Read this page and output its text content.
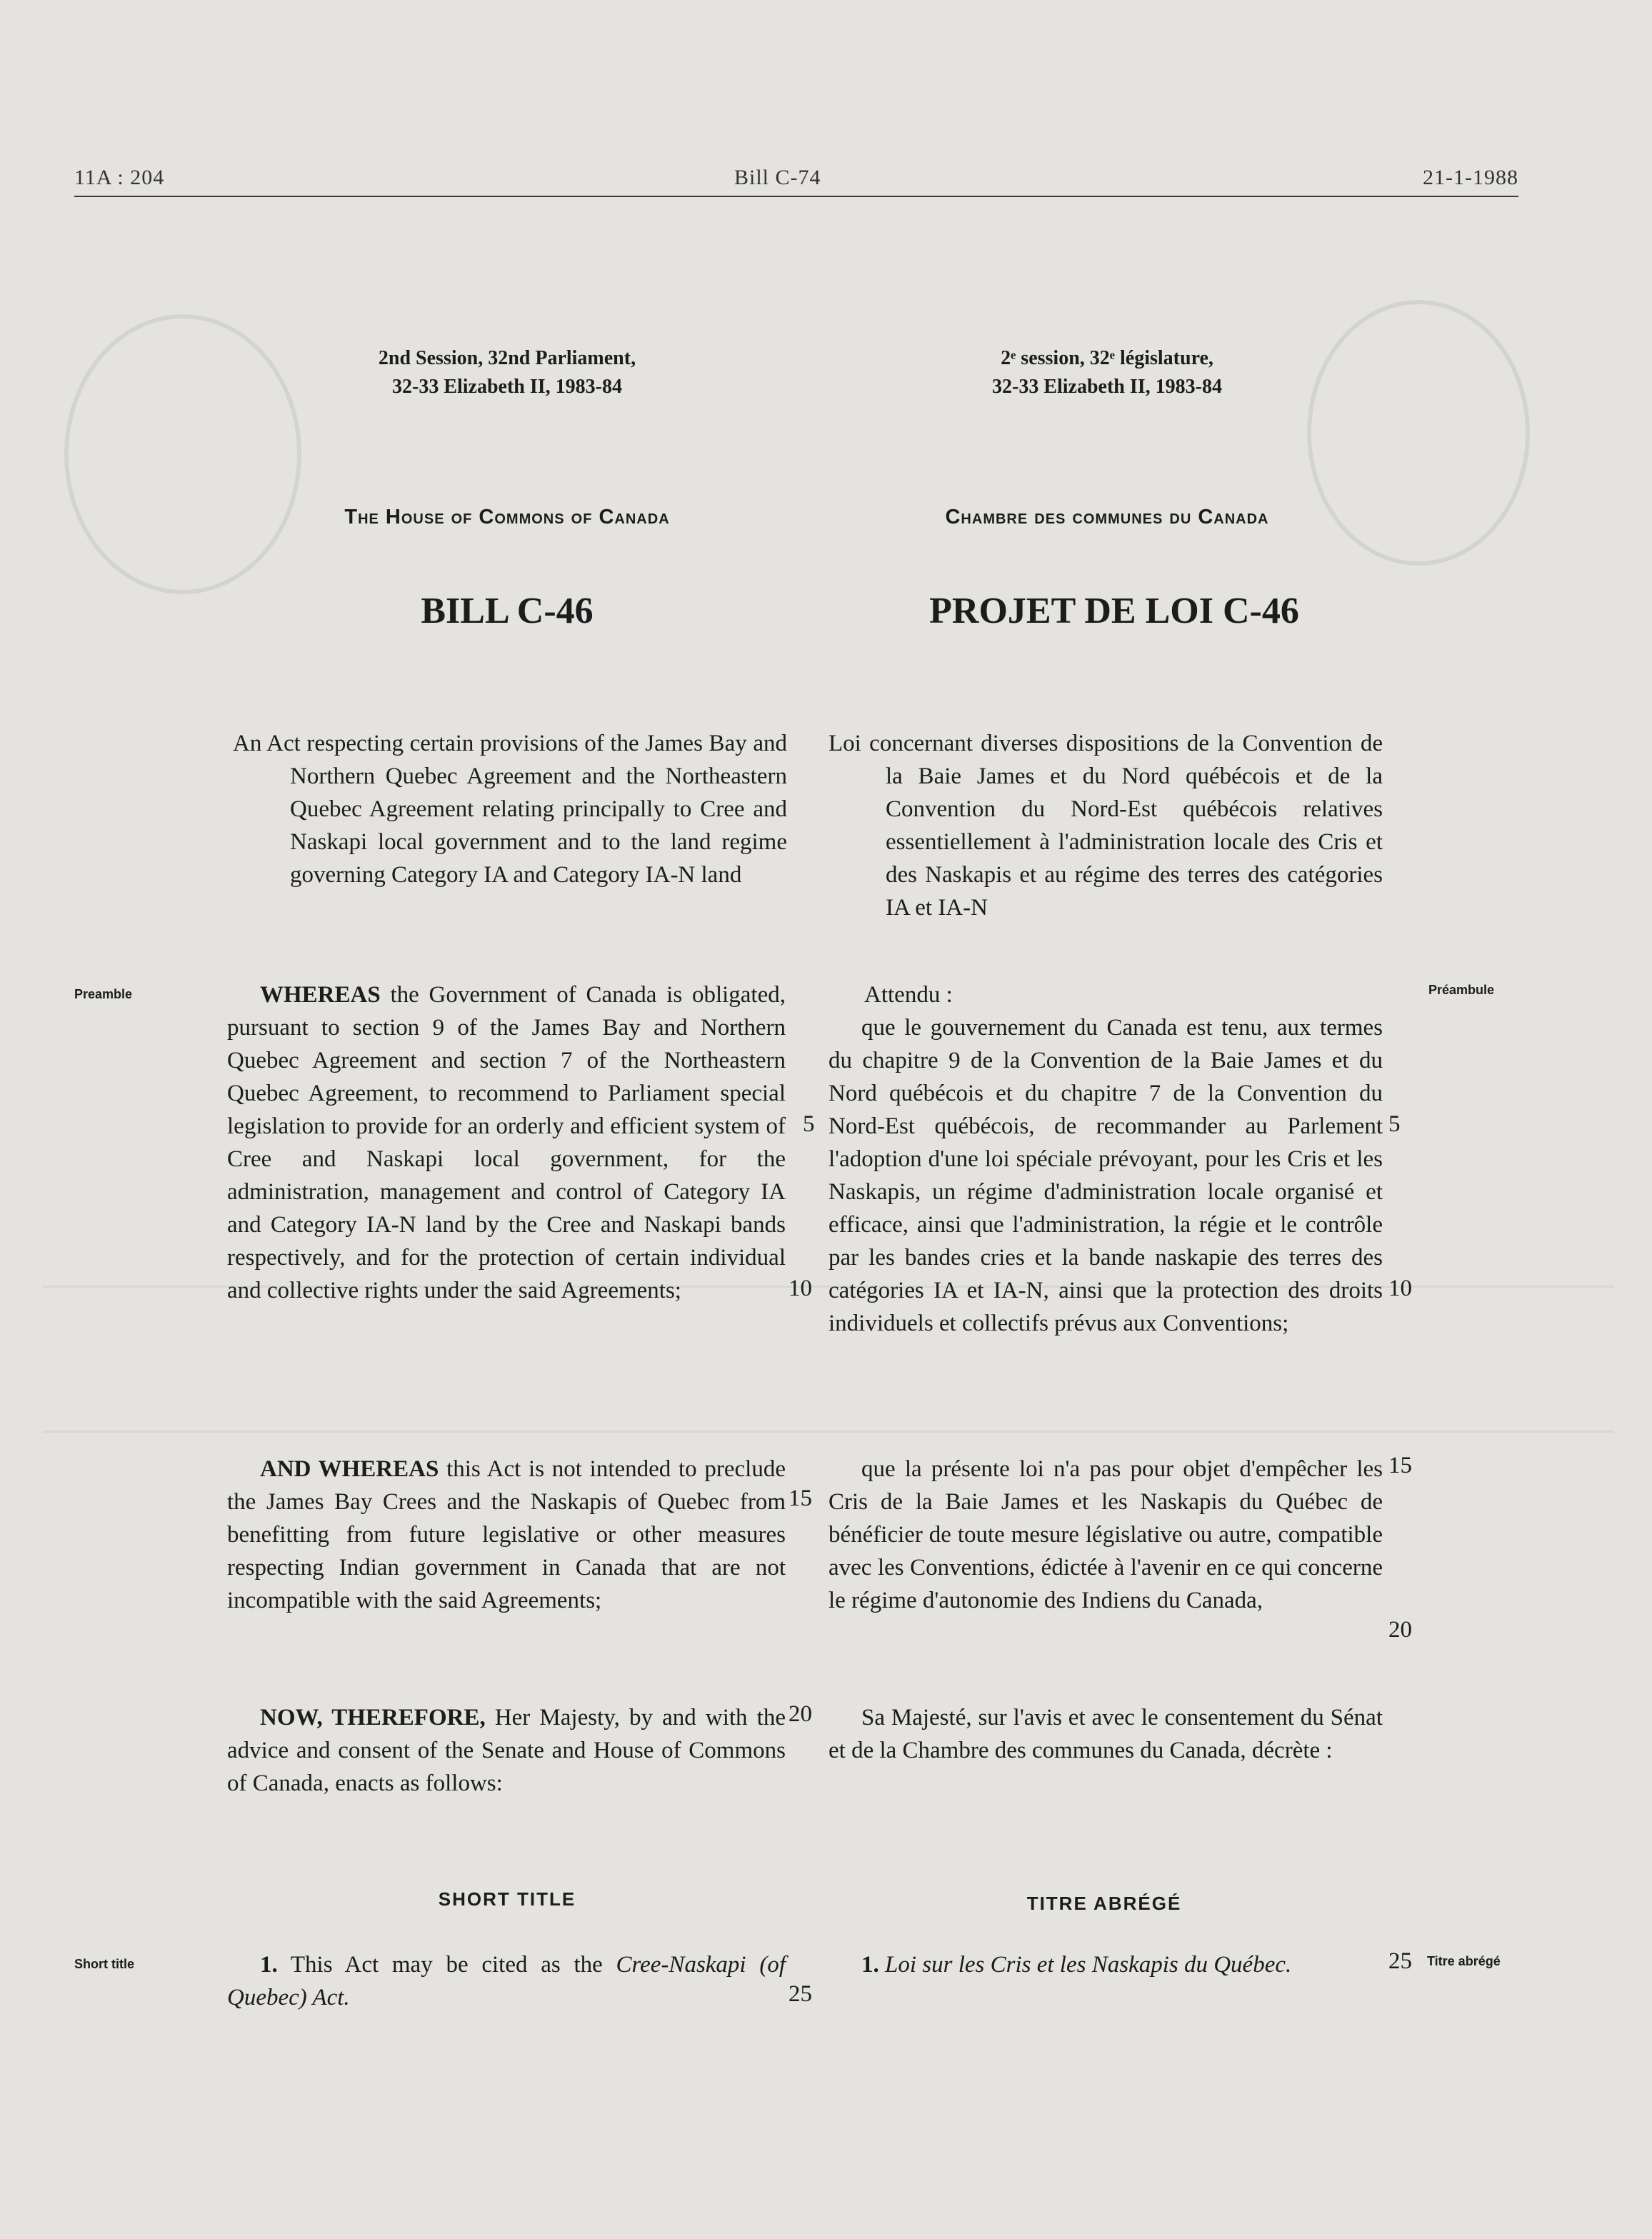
11A : 204	Bill C-74	21-1-1988
2nd Session, 32nd Parliament,
32-33 Elizabeth II, 1983-84
2ᵉ session, 32ᵉ législature,
32-33 Elizabeth II, 1983-84
The House of Commons of Canada	Chambre des communes du Canada
BILL C-46	PROJET DE LOI C-46
An Act respecting certain provisions of the James Bay and Northern Quebec Agreement and the Northeastern Quebec Agreement relating principally to Cree and Naskapi local government and to the land regime governing Category IA and Category IA-N land
Loi concernant diverses dispositions de la Convention de la Baie James et du Nord québécois et de la Convention du Nord-Est québécois relatives essentiellement à l'administration locale des Cris et des Naskapis et au régime des terres des catégories IA et IA-N
Preamble	Préambule

WHEREAS the Government of Canada is obligated, pursuant to section 9 of the James Bay and Northern Quebec Agreement and section 7 of the Northeastern Quebec Agreement, to recommend to Parliament special legislation to provide for an orderly and efficient system of Cree and Naskapi local government, for the administration, management and control of Category IA and Category IA-N land by the Cree and Naskapi bands respectively, and for the protection of certain individual and collective rights under the said Agreements;

AND WHEREAS this Act is not intended to preclude the James Bay Crees and the Naskapis of Quebec from benefitting from future legislative or other measures respecting Indian government in Canada that are not incompatible with the said Agreements;

NOW, THEREFORE, Her Majesty, by and with the advice and consent of the Senate and House of Commons of Canada, enacts as follows:

Attendu :

que le gouvernement du Canada est tenu, aux termes du chapitre 9 de la Convention de la Baie James et du Nord québécois et du chapitre 7 de la Convention du Nord-Est québécois, de recommander au Parlement l'adoption d'une loi spéciale prévoyant, pour les Cris et les Naskapis, un régime d'administration locale organisé et efficace, ainsi que l'administration, la régie et le contrôle par les bandes cries et la bande naskapie des terres des catégories IA et IA-N, ainsi que la protection des droits individuels et collectifs prévus aux Conventions;

que la présente loi n'a pas pour objet d'empêcher les Cris de la Baie James et les Naskapis du Québec de bénéficier de toute mesure législative ou autre, compatible avec les Conventions, édictée à l'avenir en ce qui concerne le régime d'autonomie des Indiens du Canada,

Sa Majesté, sur l'avis et avec le consentement du Sénat et de la Chambre des communes du Canada, décrète :

5	5
10	10
15
15
20
20
25
25
SHORT TITLE	TITRE ABRÉGÉ
Short title	Titre abrégé

1. This Act may be cited as the Cree-Naskapi (of Quebec) Act.

1. Loi sur les Cris et les Naskapis du Québec.
